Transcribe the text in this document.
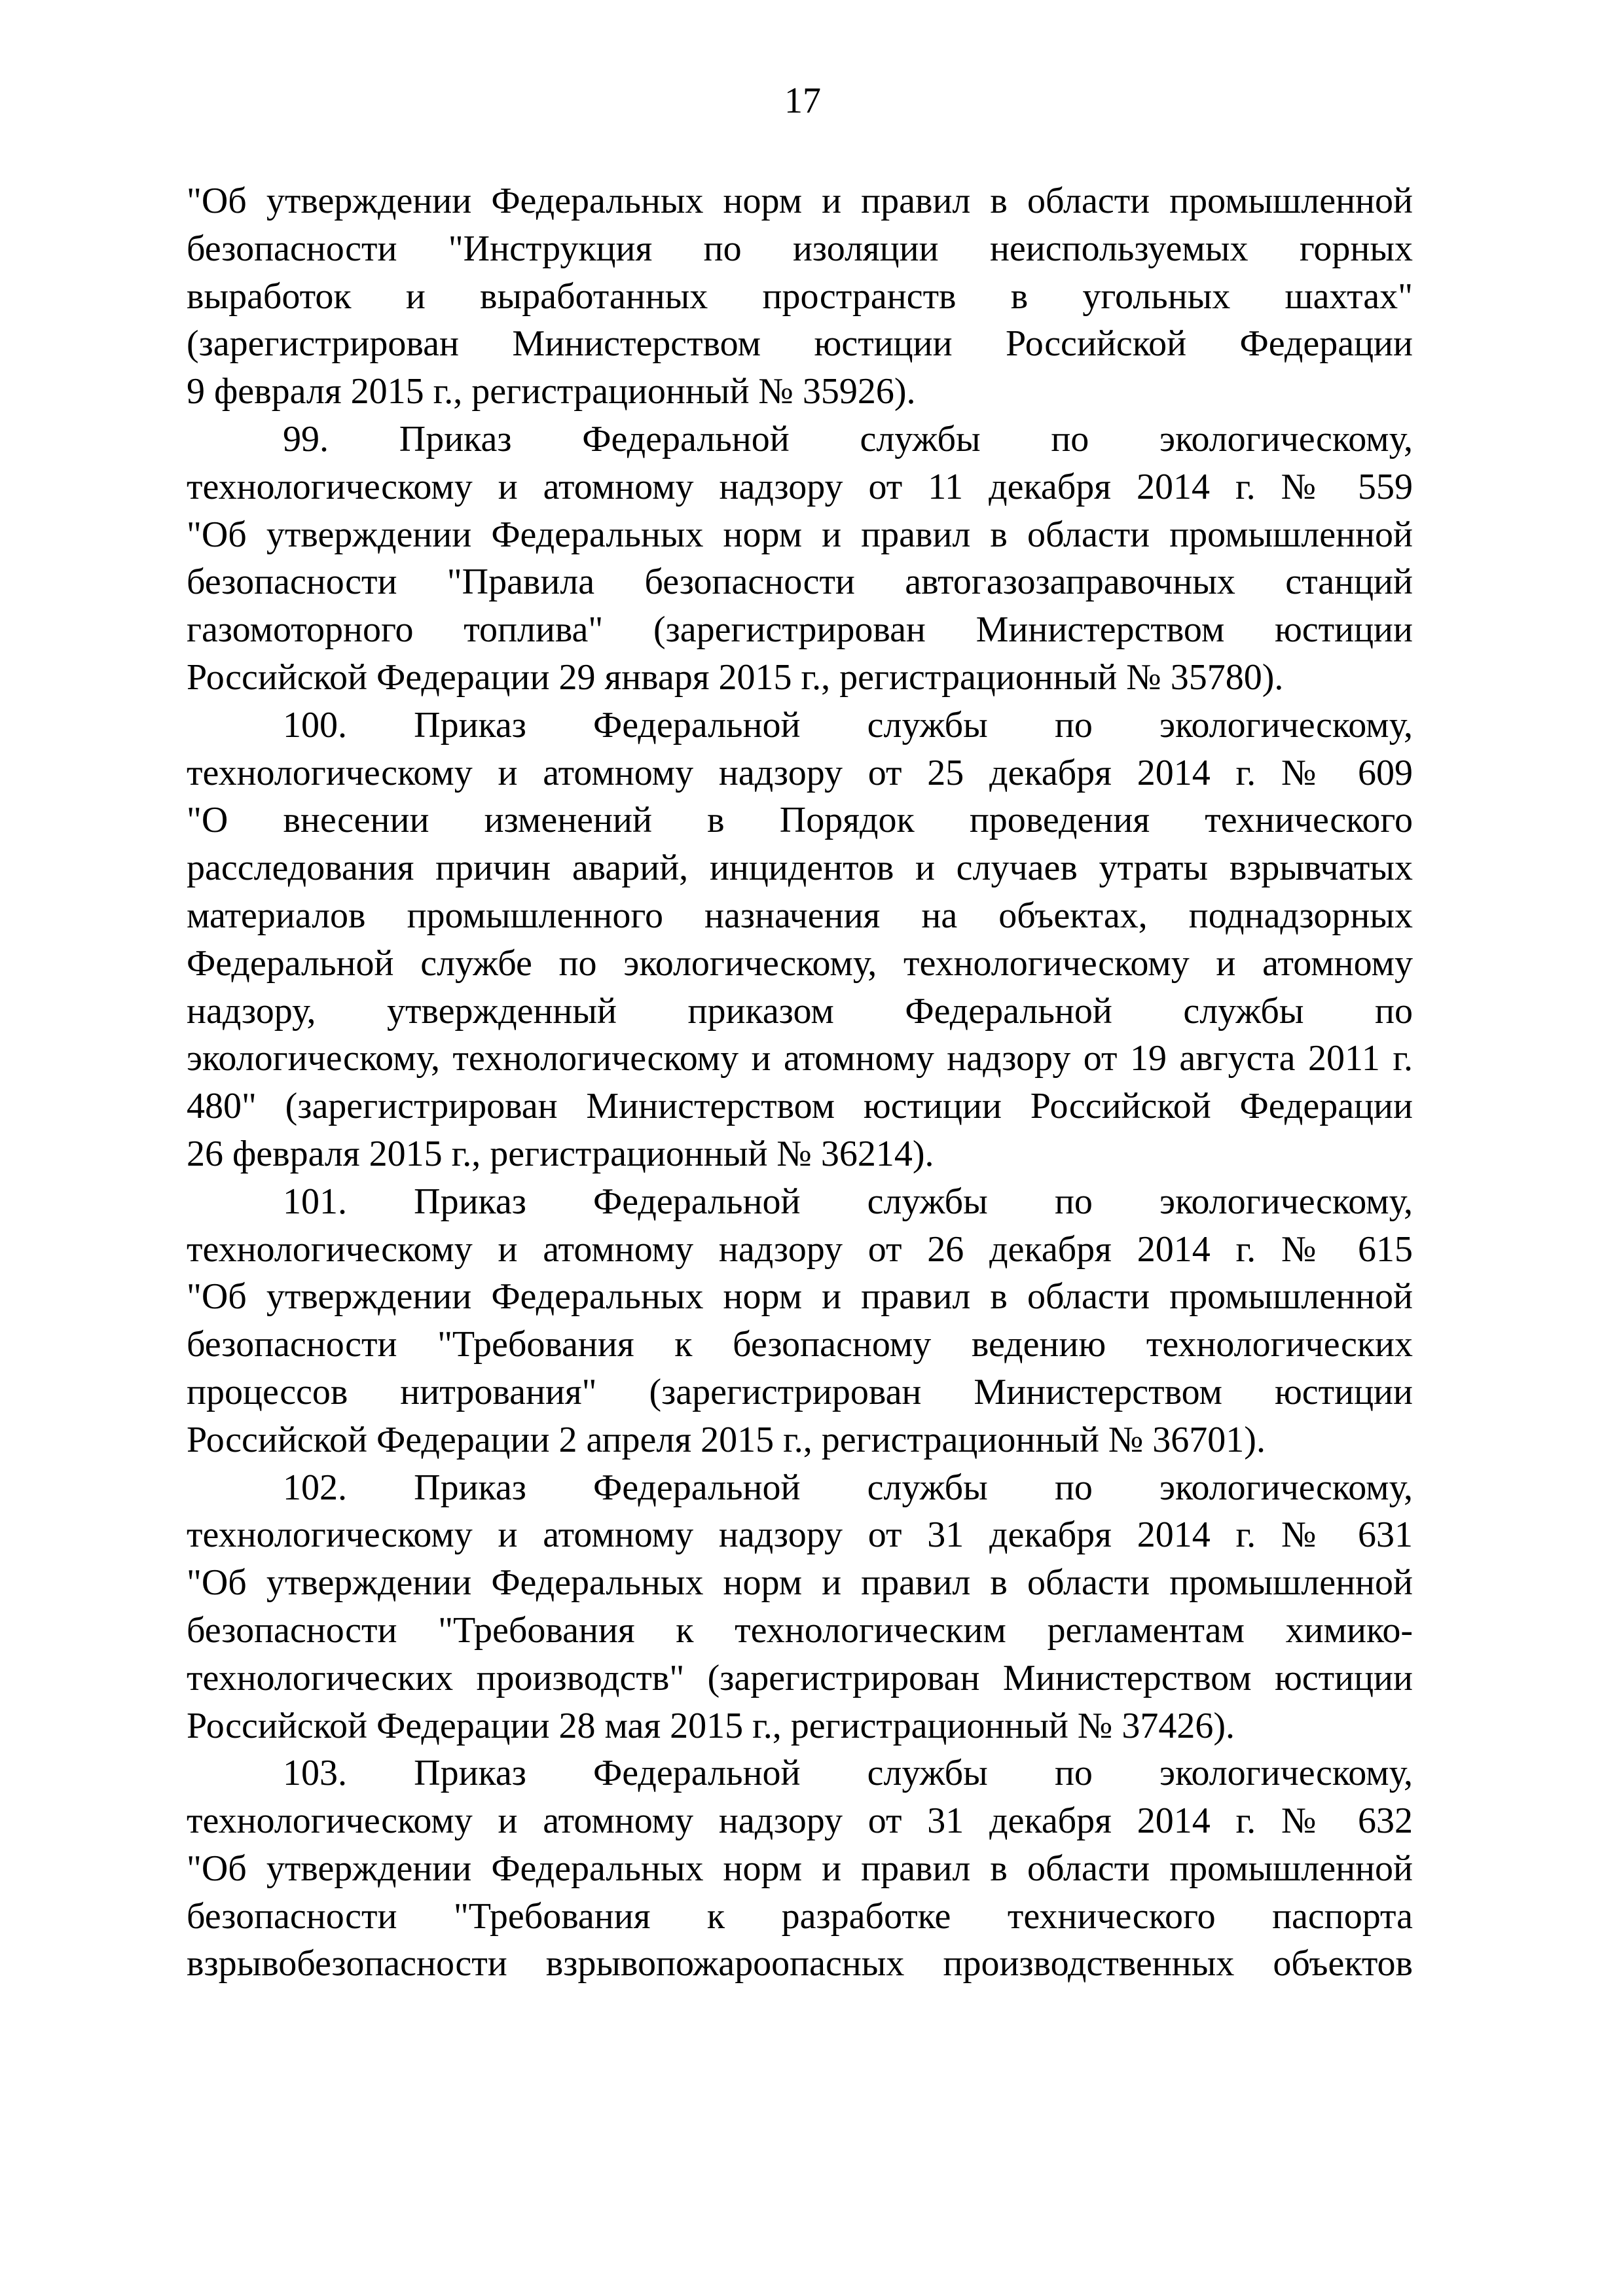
17
"Об утверждении Федеральных норм и правил в области промышленной
безопасности "Инструкция по изоляции неиспользуемых горных
выработок и выработанных пространств в угольных шахтах"
(зарегистрирован Министерством юстиции Российской Федерации
9 февраля 2015 г., регистрационный № 35926).
99. Приказ Федеральной службы по экологическому,
технологическому и атомному надзору от 11 декабря 2014 г. № 559
"Об утверждении Федеральных норм и правил в области промышленной
безопасности "Правила безопасности автогазозаправочных станций
газомоторного топлива" (зарегистрирован Министерством юстиции
Российской Федерации 29 января 2015 г., регистрационный № 35780).
100. Приказ Федеральной службы по экологическому,
технологическому и атомному надзору от 25 декабря 2014 г. № 609
"О внесении изменений в Порядок проведения технического
расследования причин аварий, инцидентов и случаев утраты взрывчатых
материалов промышленного назначения на объектах, поднадзорных
Федеральной службе по экологическому, технологическому и атомному
надзору, утвержденный приказом Федеральной службы по
экологическому, технологическому и атомному надзору от 19 августа 2011 г.
480" (зарегистрирован Министерством юстиции Российской Федерации
26 февраля 2015 г., регистрационный № 36214).
101. Приказ Федеральной службы по экологическому,
технологическому и атомному надзору от 26 декабря 2014 г. № 615
"Об утверждении Федеральных норм и правил в области промышленной
безопасности "Требования к безопасному ведению технологических
процессов нитрования" (зарегистрирован Министерством юстиции
Российской Федерации 2 апреля 2015 г., регистрационный № 36701).
102. Приказ Федеральной службы по экологическому,
технологическому и атомному надзору от 31 декабря 2014 г. № 631
"Об утверждении Федеральных норм и правил в области промышленной
безопасности "Требования к технологическим регламентам химико-
технологических производств" (зарегистрирован Министерством юстиции
Российской Федерации 28 мая 2015 г., регистрационный № 37426).
103. Приказ Федеральной службы по экологическому,
технологическому и атомному надзору от 31 декабря 2014 г. № 632
"Об утверждении Федеральных норм и правил в области промышленной
безопасности "Требования к разработке технического паспорта
взрывобезопасности взрывопожароопасных производственных объектов
